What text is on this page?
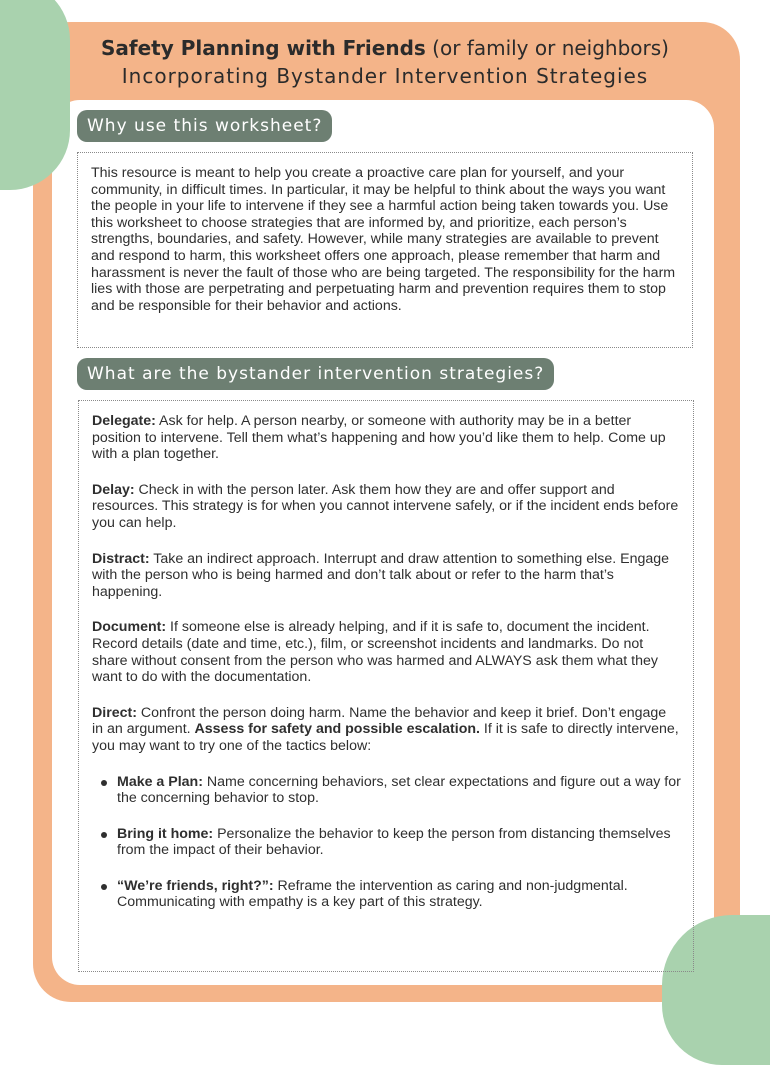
Safety Planning with Friends (or family or neighbors)
Incorporating Bystander Intervention Strategies
Why use this worksheet?
This resource is meant to help you create a proactive care plan for yourself, and your community, in difficult times. In particular, it may be helpful to think about the ways you want the people in your life to intervene if they see a harmful action being taken towards you. Use this worksheet to choose strategies that are informed by, and prioritize, each person’s strengths, boundaries, and safety. However, while many strategies are available to prevent and respond to harm, this worksheet offers one approach, please remember that harm and harassment is never the fault of those who are being targeted. The responsibility for the harm lies with those are perpetrating and perpetuating harm and prevention requires them to stop and be responsible for their behavior and actions.
What are the bystander intervention strategies?

Delegate: Ask for help. A person nearby, or someone with authority may be in a better position to intervene. Tell them what’s happening and how you’d like them to help. Come up with a plan together.

Delay: Check in with the person later. Ask them how they are and offer support and resources. This strategy is for when you cannot intervene safely, or if the incident ends before you can help.

Distract: Take an indirect approach. Interrupt and draw attention to something else. Engage with the person who is being harmed and don’t talk about or refer to the harm that’s happening.

Document: If someone else is already helping, and if it is safe to, document the incident. Record details (date and time, etc.), film, or screenshot incidents and landmarks. Do not share without consent from the person who was harmed and ALWAYS ask them what they want to do with the documentation.

Direct: Confront the person doing harm. Name the behavior and keep it brief. Don’t engage in an argument. Assess for safety and possible escalation. If it is safe to directly intervene, you may want to try one of the tactics below:

Make a Plan: Name concerning behaviors, set clear expectations and figure out a way for the concerning behavior to stop.
Bring it home: Personalize the behavior to keep the person from distancing themselves from the impact of their behavior.
“We’re friends, right?”: Reframe the intervention as caring and non-judgmental. Communicating with empathy is a key part of this strategy.
